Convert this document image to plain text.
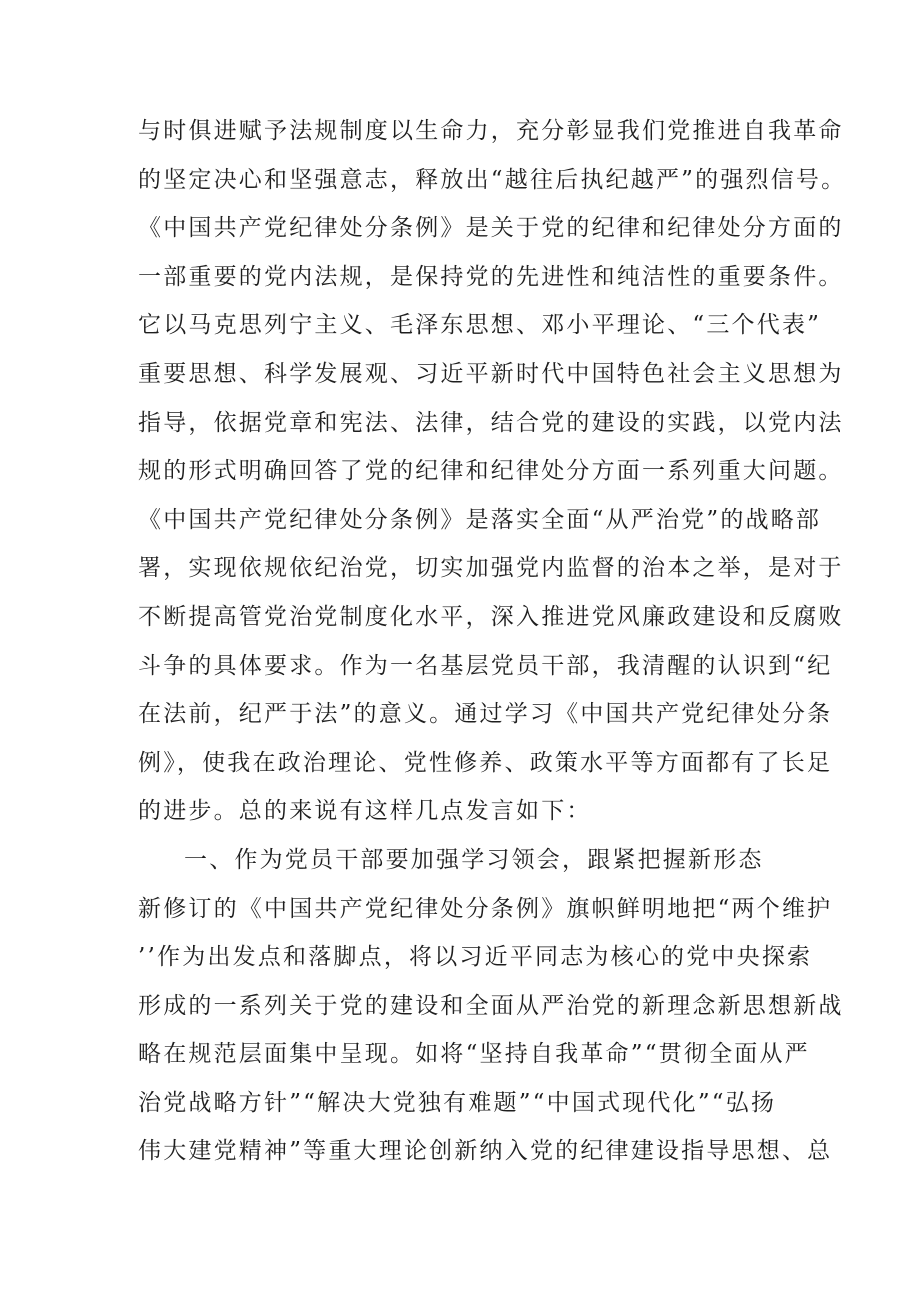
与时俱进赋予法规制度以生命力，充分彰显我们党推进自我革命
的坚定决心和坚强意志，释放出“越往后执纪越严”的强烈信号。
《中国共产党纪律处分条例》是关于党的纪律和纪律处分方面的
一部重要的党内法规，是保持党的先进性和纯洁性的重要条件。
它以马克思列宁主义、毛泽东思想、邓小平理论、“三个代表”
重要思想、科学发展观、习近平新时代中国特色社会主义思想为
指导，依据党章和宪法、法律，结合党的建设的实践，以党内法
规的形式明确回答了党的纪律和纪律处分方面一系列重大问题。
《中国共产党纪律处分条例》是落实全面“从严治党”的战略部
署，实现依规依纪治党，切实加强党内监督的治本之举，是对于
不断提高管党治党制度化水平，深入推进党风廉政建设和反腐败
斗争的具体要求。作为一名基层党员干部，我清醒的认识到“纪
在法前，纪严于法”的意义。通过学习《中国共产党纪律处分条
例》，使我在政治理论、党性修养、政策水平等方面都有了长足
的进步。总的来说有这样几点发言如下：
一、作为党员干部要加强学习领会，跟紧把握新形态
新修订的《中国共产党纪律处分条例》旗帜鲜明地把“两个维护
’’作为出发点和落脚点，将以习近平同志为核心的党中央探索
形成的一系列关于党的建设和全面从严治党的新理念新思想新战
略在规范层面集中呈现。如将“坚持自我革命”“贯彻全面从严
治党战略方针”“解决大党独有难题”“中国式现代化”“弘扬
伟大建党精神”等重大理论创新纳入党的纪律建设指导思想、总
